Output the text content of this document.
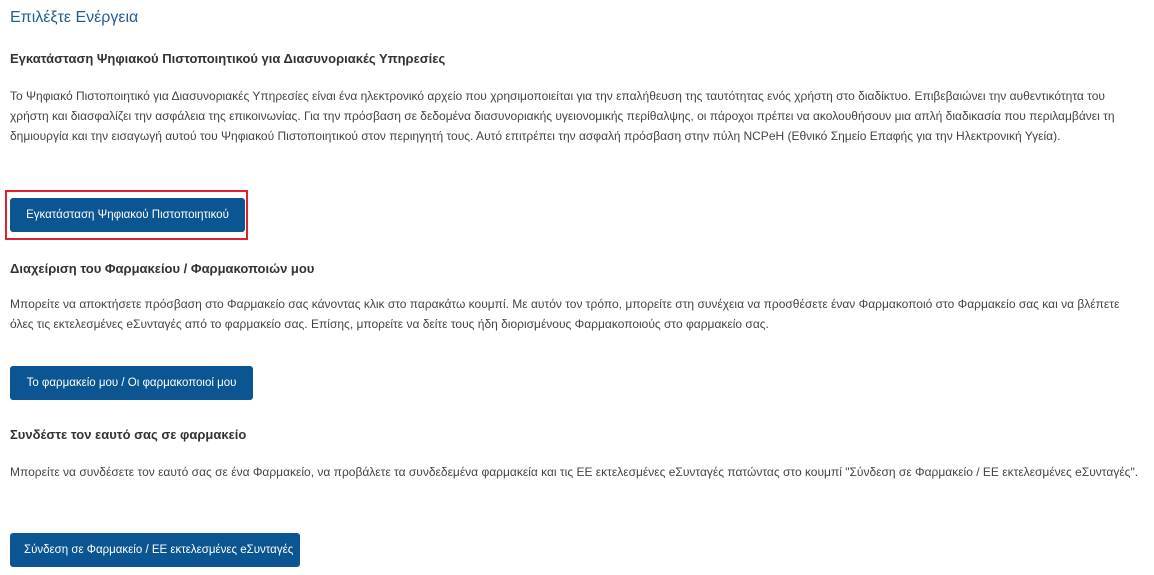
Επιλέξτε Ενέργεια
Εγκατάσταση Ψηφιακού Πιστοποιητικού για Διασυνοριακές Υπηρεσίες
Το Ψηφιακό Πιστοποιητικό για Διασυνοριακές Υπηρεσίες είναι ένα ηλεκτρονικό αρχείο που χρησιμοποιείται για την επαλήθευση της ταυτότητας ενός χρήστη στο διαδίκτυο. Επιβεβαιώνει την αυθεντικότητα του χρήστη και διασφαλίζει την ασφάλεια της επικοινωνίας. Για την πρόσβαση σε δεδομένα διασυνοριακής υγειονομικής περίθαλψης, οι πάροχοι πρέπει να ακολουθήσουν μια απλή διαδικασία που περιλαμβάνει τη δημιουργία και την εισαγωγή αυτού του Ψηφιακού Πιστοποιητικού στον περιηγητή τους. Αυτό επιτρέπει την ασφαλή πρόσβαση στην πύλη NCPeH (Εθνικό Σημείο Επαφής για την Ηλεκτρονική Υγεία).
Εγκατάσταση Ψηφιακού Πιστοποιητικού
Διαχείριση του Φαρμακείου / Φαρμακοποιών μου
Μπορείτε να αποκτήσετε πρόσβαση στο Φαρμακείο σας κάνοντας κλικ στο παρακάτω κουμπί. Με αυτόν τον τρόπο, μπορείτε στη συνέχεια να προσθέσετε έναν Φαρμακοποιό στο Φαρμακείο σας και να βλέπετε όλες τις εκτελεσμένες eΣυνταγές από το φαρμακείο σας. Επίσης, μπορείτε να δείτε τους ήδη διορισμένους Φαρμακοποιούς στο φαρμακείο σας.
Το φαρμακείο μου / Οι φαρμακοποιοί μου
Συνδέστε τον εαυτό σας σε φαρμακείο
Μπορείτε να συνδέσετε τον εαυτό σας σε ένα Φαρμακείο, να προβάλετε τα συνδεδεμένα φαρμακεία και τις ΕΕ εκτελεσμένες eΣυνταγές πατώντας στο κουμπί "Σύνδεση σε Φαρμακείο / ΕΕ εκτελεσμένες eΣυνταγές".
Σύνδεση σε Φαρμακείο / ΕΕ εκτελεσμένες eΣυνταγές
